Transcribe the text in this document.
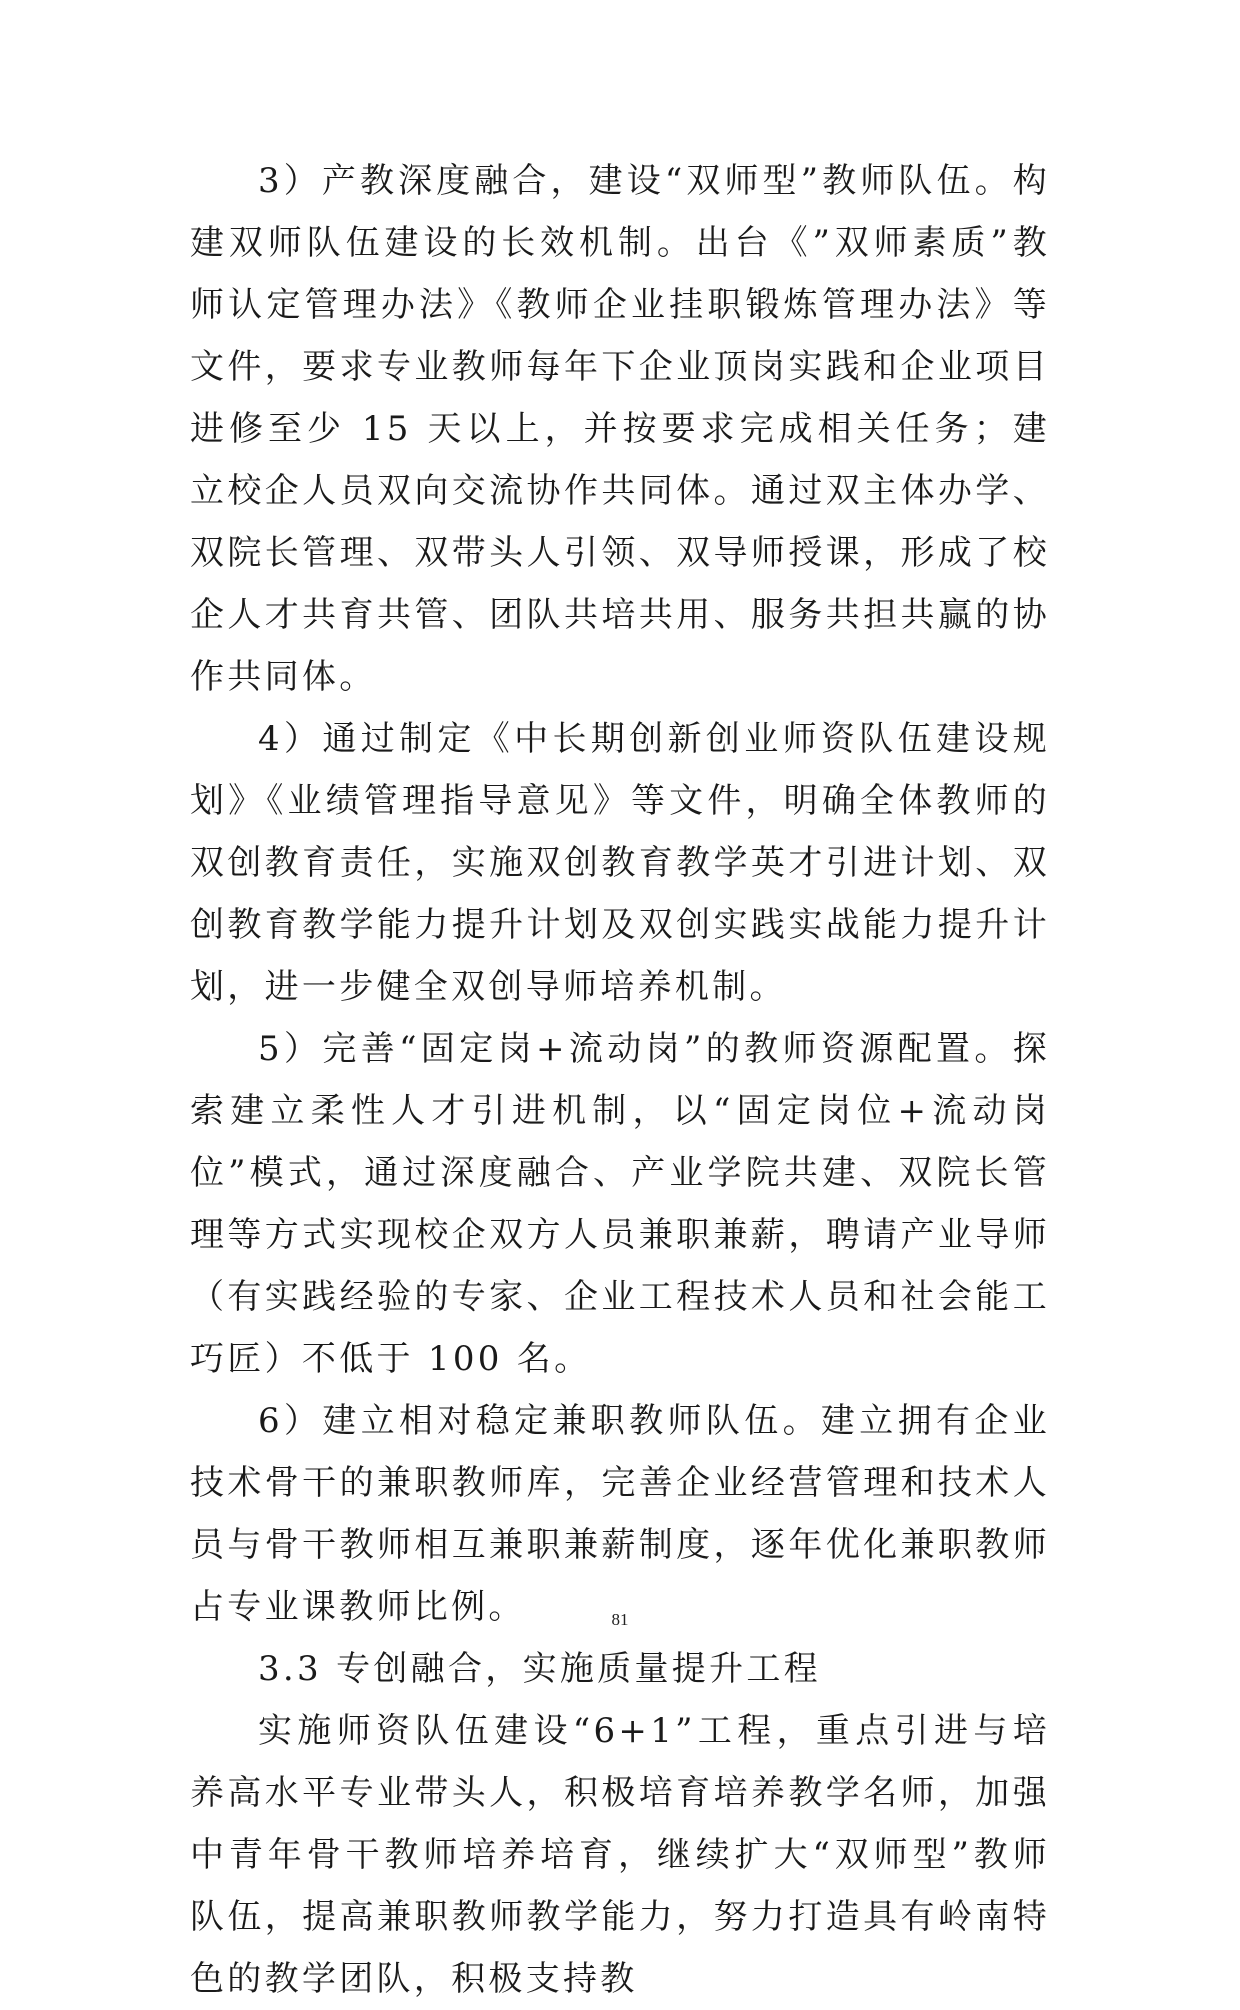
3）产教深度融合，建设“双师型”教师队伍。构建双师队伍建设的长效机制。出台《”双师素质”教师认定管理办法》《教师企业挂职锻炼管理办法》等文件，要求专业教师每年下企业顶岗实践和企业项目进修至少 15 天以上，并按要求完成相关任务；建立校企人员双向交流协作共同体。通过双主体办学、双院长管理、双带头人引领、双导师授课，形成了校企人才共育共管、团队共培共用、服务共担共赢的协作共同体。

4）通过制定《中长期创新创业师资队伍建设规划》《业绩管理指导意见》等文件，明确全体教师的双创教育责任，实施双创教育教学英才引进计划、双创教育教学能力提升计划及双创实践实战能力提升计划，进一步健全双创导师培养机制。

5）完善“固定岗+流动岗”的教师资源配置。探索建立柔性人才引进机制，以“固定岗位+流动岗位”模式，通过深度融合、产业学院共建、双院长管理等方式实现校企双方人员兼职兼薪，聘请产业导师（有实践经验的专家、企业工程技术人员和社会能工巧匠）不低于 100 名。

6）建立相对稳定兼职教师队伍。建立拥有企业技术骨干的兼职教师库，完善企业经营管理和技术人员与骨干教师相互兼职兼薪制度，逐年优化兼职教师占专业课教师比例。

3.3 专创融合，实施质量提升工程

实施师资队伍建设“6+1”工程，重点引进与培养高水平专业带头人，积极培育培养教学名师，加强中青年骨干教师培养培育，继续扩大“双师型”教师队伍，提高兼职教师教学能力，努力打造具有岭南特色的教学团队，积极支持教

81
